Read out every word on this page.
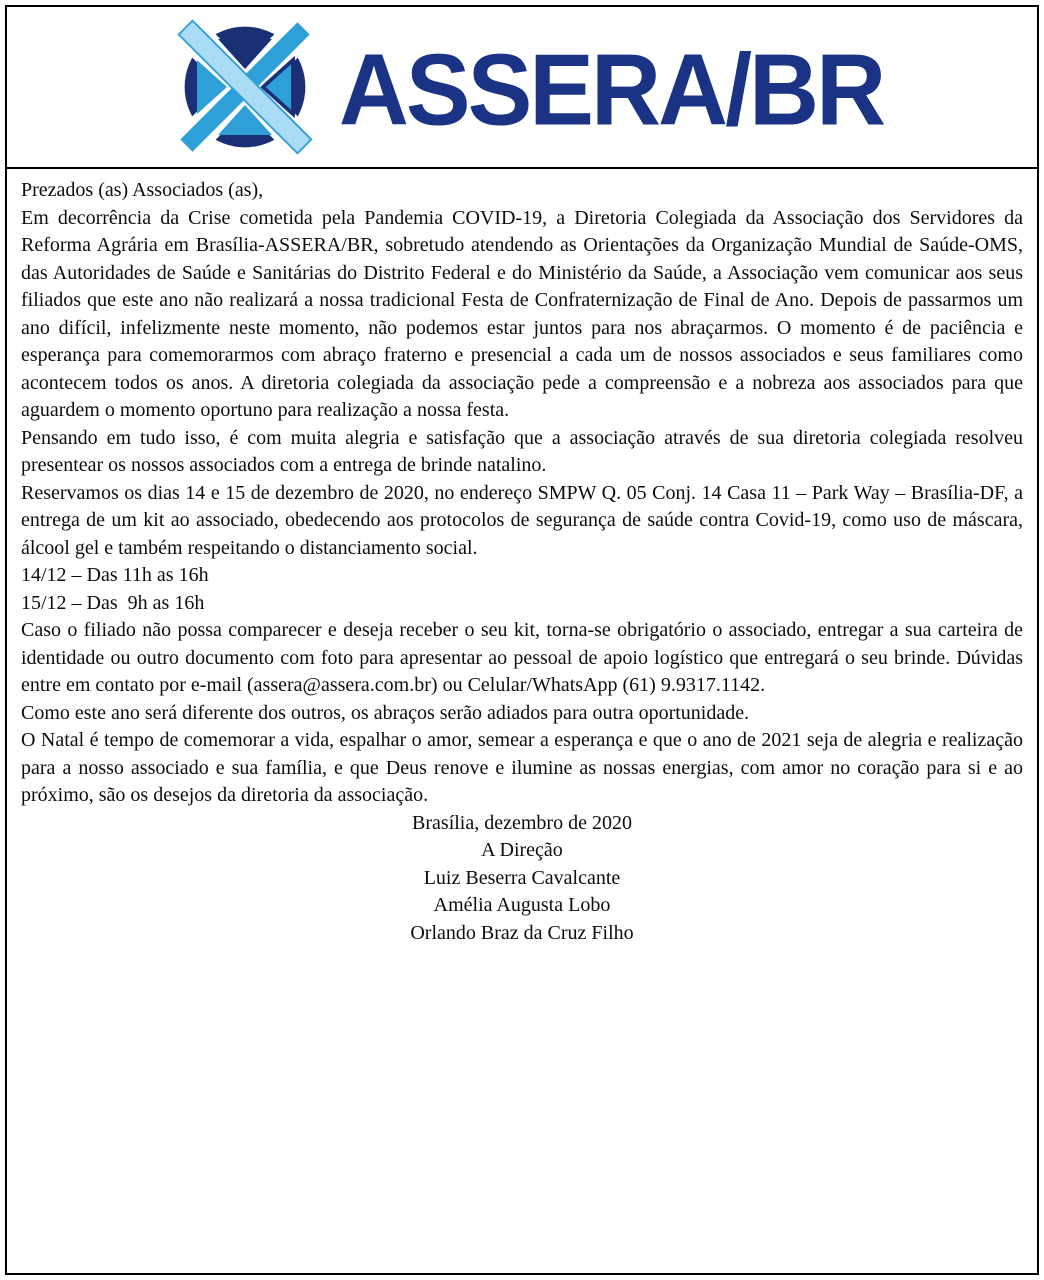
ASSERA/BR

Prezados (as) Associados (as),

Em decorrência da Crise cometida pela Pandemia COVID-19, a Diretoria Colegiada da Associação dos Servidores da Reforma Agrária em Brasília-ASSERA/BR, sobretudo atendendo as Orientações da Organização Mundial de Saúde-OMS, das Autoridades de Saúde e Sanitárias do Distrito Federal e do Ministério da Saúde, a Associação vem comunicar aos seus filiados que este ano não realizará a nossa tradicional Festa de Confraternização de Final de Ano. Depois de passarmos um ano difícil, infelizmente neste momento, não podemos estar juntos para nos abraçarmos. O momento é de paciência e esperança para comemorarmos com abraço fraterno e presencial a cada um de nossos associados e seus familiares como acontecem todos os anos. A diretoria colegiada da associação pede a compreensão e a nobreza aos associados para que aguardem o momento oportuno para realização a nossa festa.

Pensando em tudo isso, é com muita alegria e satisfação que a associação através de sua diretoria colegiada resolveu presentear os nossos associados com a entrega de brinde natalino.

Reservamos os dias 14 e 15 de dezembro de 2020, no endereço SMPW Q. 05 Conj. 14 Casa 11 – Park Way – Brasília-DF, a entrega de um kit ao associado, obedecendo aos protocolos de segurança de saúde contra Covid-19, como uso de máscara, álcool gel e também respeitando o distanciamento social.

14/12 – Das 11h as 16h

15/12 – Das  9h as 16h

Caso o filiado não possa comparecer e deseja receber o seu kit, torna-se obrigatório o associado, entregar a sua carteira de identidade ou outro documento com foto para apresentar ao pessoal de apoio logístico que entregará o seu brinde. Dúvidas entre em contato por e-mail (assera@assera.com.br) ou Celular/WhatsApp (61) 9.9317.1142.

Como este ano será diferente dos outros, os abraços serão adiados para outra oportunidade.

O Natal é tempo de comemorar a vida, espalhar o amor, semear a esperança e que o ano de 2021 seja de alegria e realização para a nosso associado e sua família, e que Deus renove e ilumine as nossas energias, com amor no coração para si e ao próximo, são os desejos da diretoria da associação.

Brasília, dezembro de 2020

A Direção

Luiz Beserra Cavalcante

Amélia Augusta Lobo

Orlando Braz da Cruz Filho
